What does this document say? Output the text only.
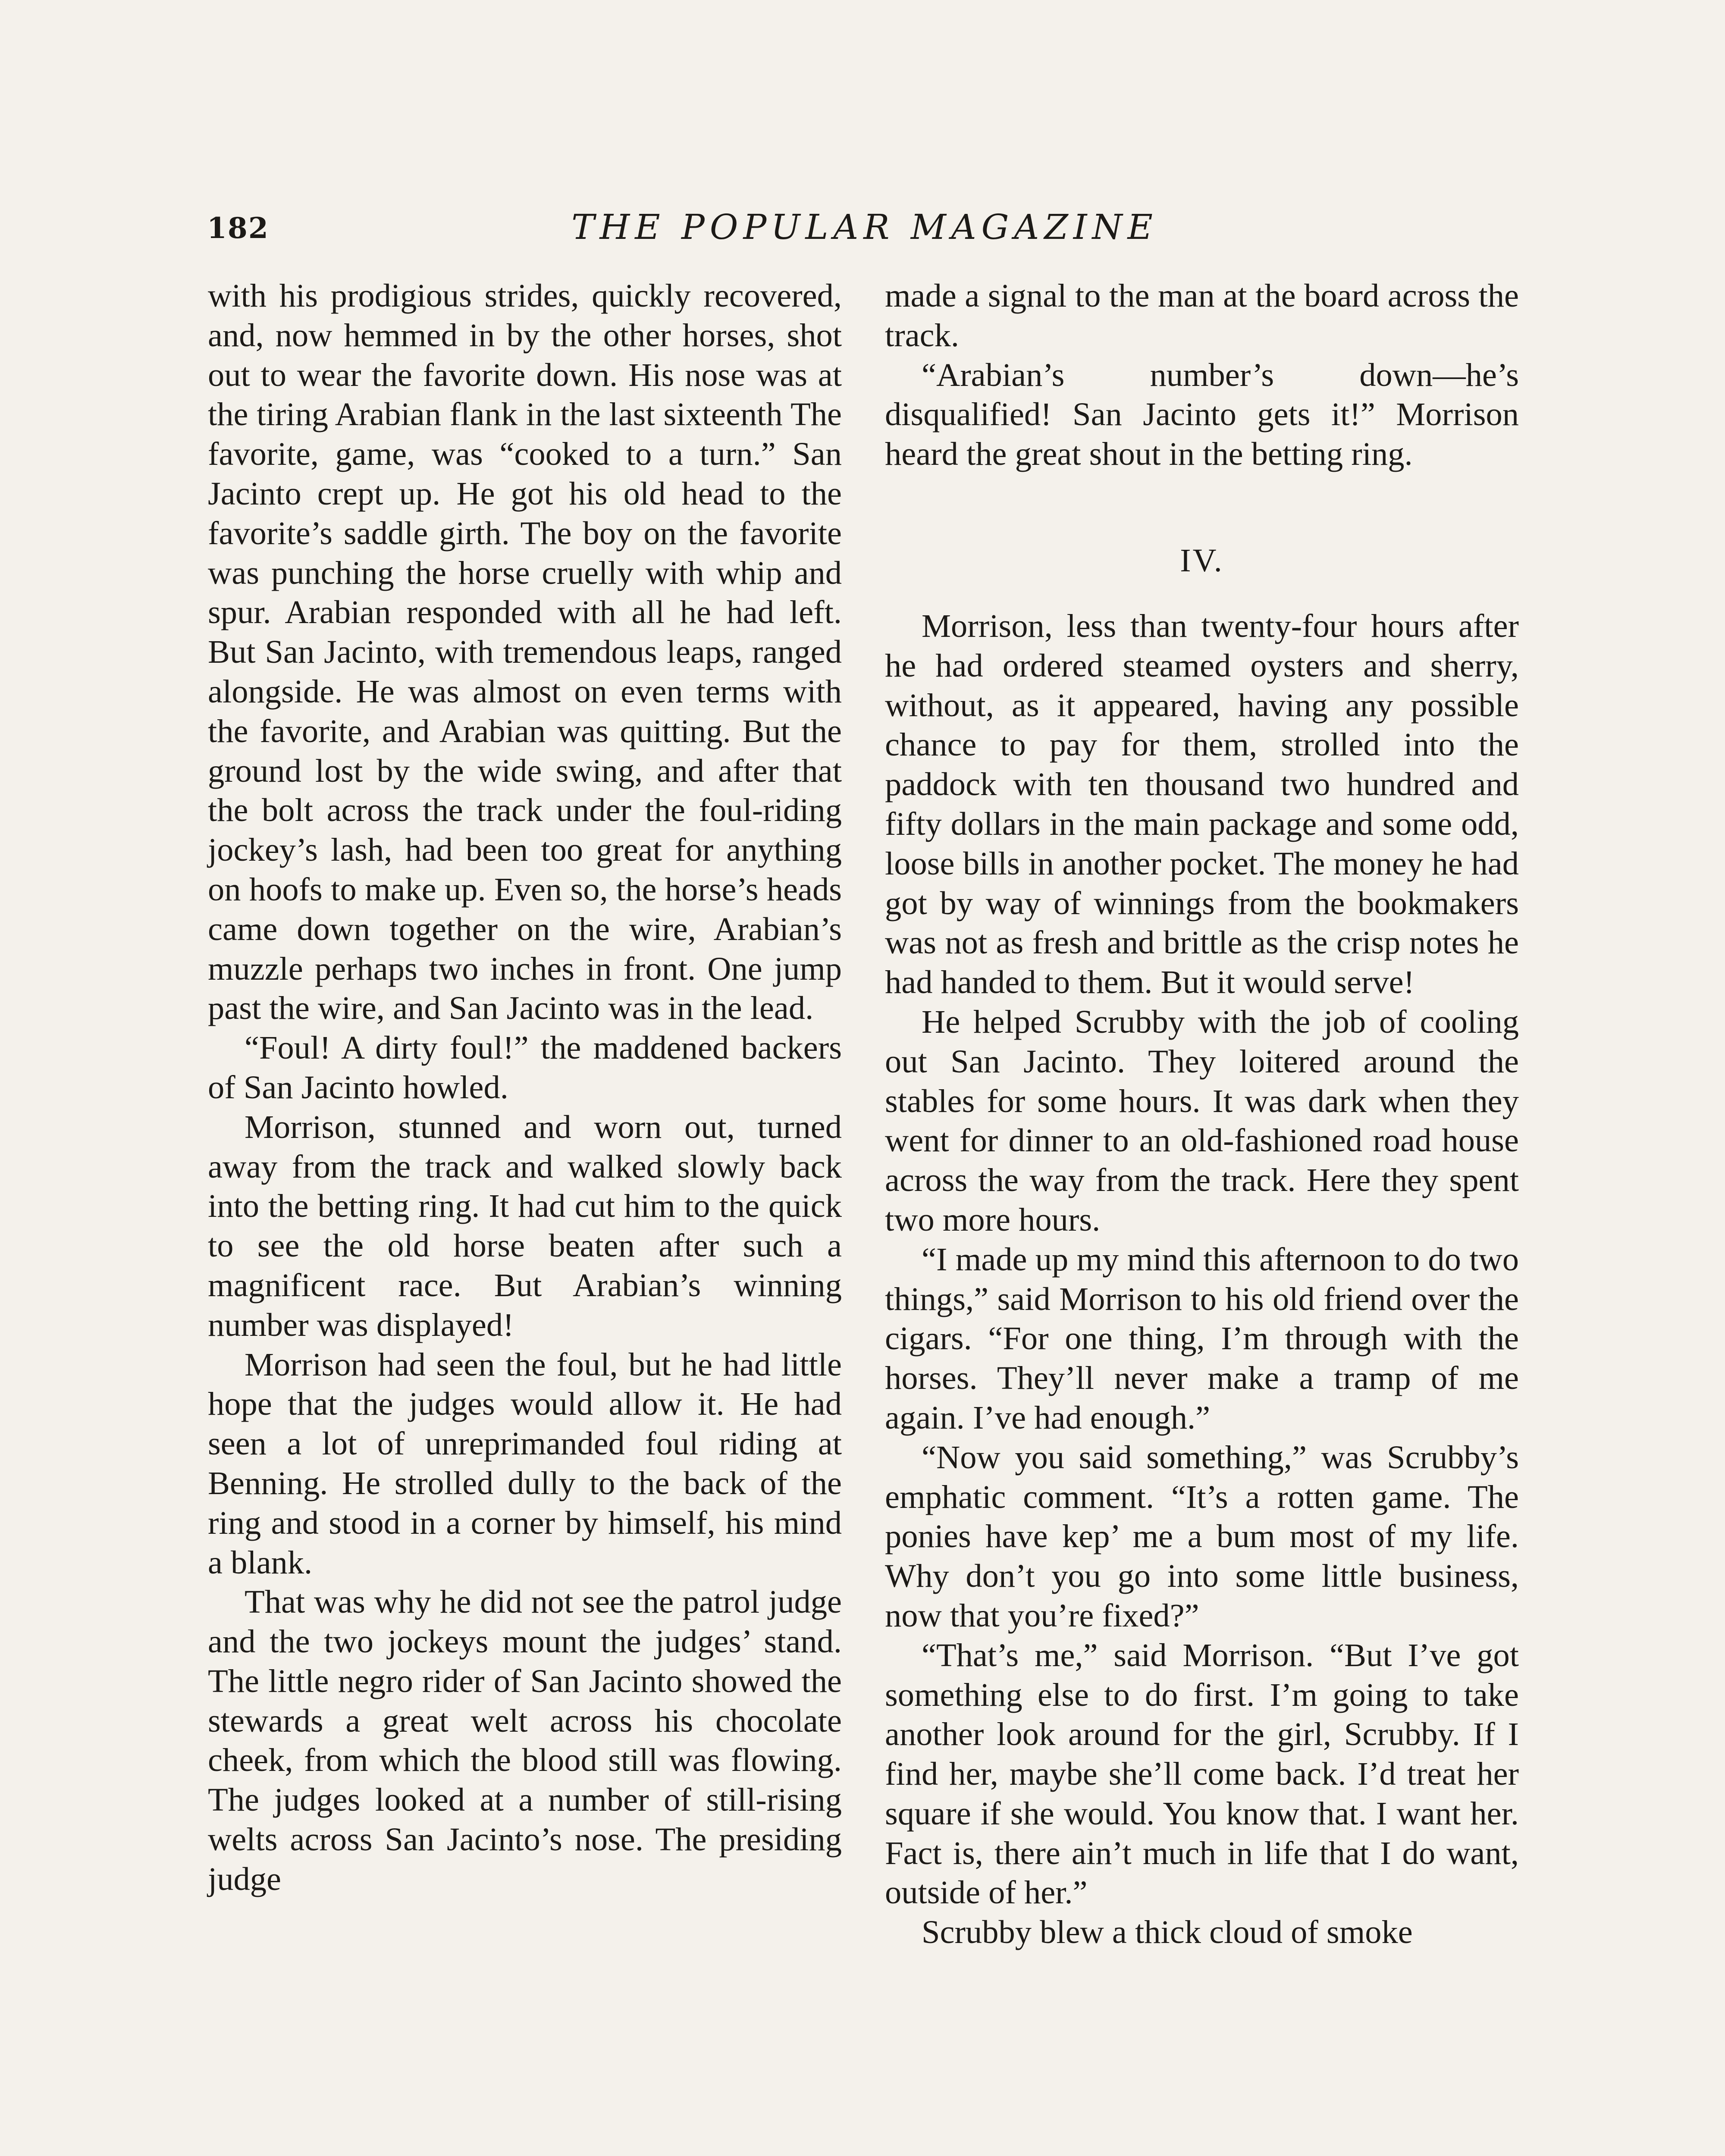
182	THE POPULAR MAGAZINE

with his prodigious strides, quickly recovered, and, now hemmed in by the other horses, shot out to wear the favorite down. His nose was at the tiring Arabian flank in the last sixteenth The favorite, game, was “cooked to a turn.” San Jacinto crept up. He got his old head to the favorite’s saddle girth. The boy on the favorite was punching the horse cruelly with whip and spur. Arabian responded with all he had left. But San Jacinto, with tremendous leaps, ranged alongside. He was almost on even terms with the favorite, and Arabian was quitting. But the ground lost by the wide swing, and after that the bolt across the track under the foul-riding jockey’s lash, had been too great for anything on hoofs to make up. Even so, the horse’s heads came down together on the wire, Arabian’s muzzle perhaps two inches in front. One jump past the wire, and San Jacinto was in the lead.

“Foul! A dirty foul!” the maddened backers of San Jacinto howled.

Morrison, stunned and worn out, turned away from the track and walked slowly back into the betting ring. It had cut him to the quick to see the old horse beaten after such a magnificent race. But Arabian’s winning number was displayed!

Morrison had seen the foul, but he had little hope that the judges would allow it. He had seen a lot of unreprimanded foul riding at Benning. He strolled dully to the back of the ring and stood in a corner by himself, his mind a blank.

That was why he did not see the patrol judge and the two jockeys mount the judges’ stand. The little negro rider of San Jacinto showed the stewards a great welt across his chocolate cheek, from which the blood still was flowing. The judges looked at a number of still-rising welts across San Jacinto’s nose. The presiding judge

made a signal to the man at the board across the track.

“Arabian’s number’s down—he’s disqualified! San Jacinto gets it!” Morrison heard the great shout in the betting ring.

IV.

Morrison, less than twenty-four hours after he had ordered steamed oysters and sherry, without, as it appeared, having any possible chance to pay for them, strolled into the paddock with ten thousand two hundred and fifty dollars in the main package and some odd, loose bills in another pocket. The money he had got by way of winnings from the bookmakers was not as fresh and brittle as the crisp notes he had handed to them. But it would serve!

He helped Scrubby with the job of cooling out San Jacinto. They loitered around the stables for some hours. It was dark when they went for dinner to an old-fashioned road house across the way from the track. Here they spent two more hours.

“I made up my mind this afternoon to do two things,” said Morrison to his old friend over the cigars. “For one thing, I’m through with the horses. They’ll never make a tramp of me again. I’ve had enough.”

“Now you said something,” was Scrubby’s emphatic comment. “It’s a rotten game. The ponies have kep’ me a bum most of my life. Why don’t you go into some little business, now that you’re fixed?”

“That’s me,” said Morrison. “But I’ve got something else to do first. I’m going to take another look around for the girl, Scrubby. If I find her, maybe she’ll come back. I’d treat her square if she would. You know that. I want her. Fact is, there ain’t much in life that I do want, outside of her.”

Scrubby blew a thick cloud of smoke
